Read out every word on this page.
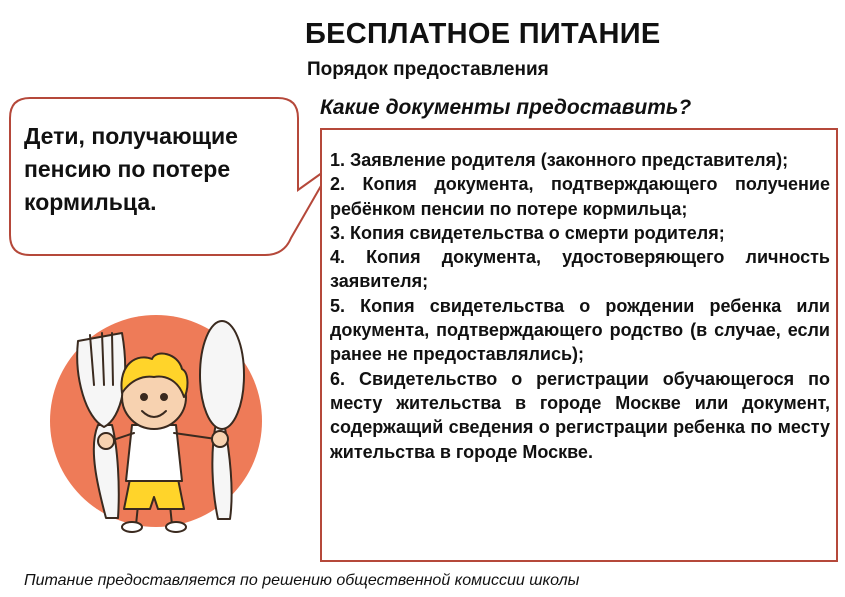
БЕСПЛАТНОЕ ПИТАНИЕ
Порядок предоставления
Какие документы предоставить?
Дети, получающие пенсию по потере кормильца.
1. Заявление родителя (законного представителя);
2. Копия документа, подтверждающего получение ребёнком пенсии по потере кормильца;
3. Копия свидетельства о смерти родителя;
4. Копия документа, удостоверяющего личность заявителя;
5. Копия свидетельства о рождении ребенка или документа, подтверждающего родство (в случае, если ранее не предоставлялись);
6. Свидетельство о регистрации обучающегося по месту жительства в городе Москве или документ, содержащий сведения о регистрации ребенка по месту жительства в городе Москве.
Питание предоставляется по решению общественной комиссии школы
